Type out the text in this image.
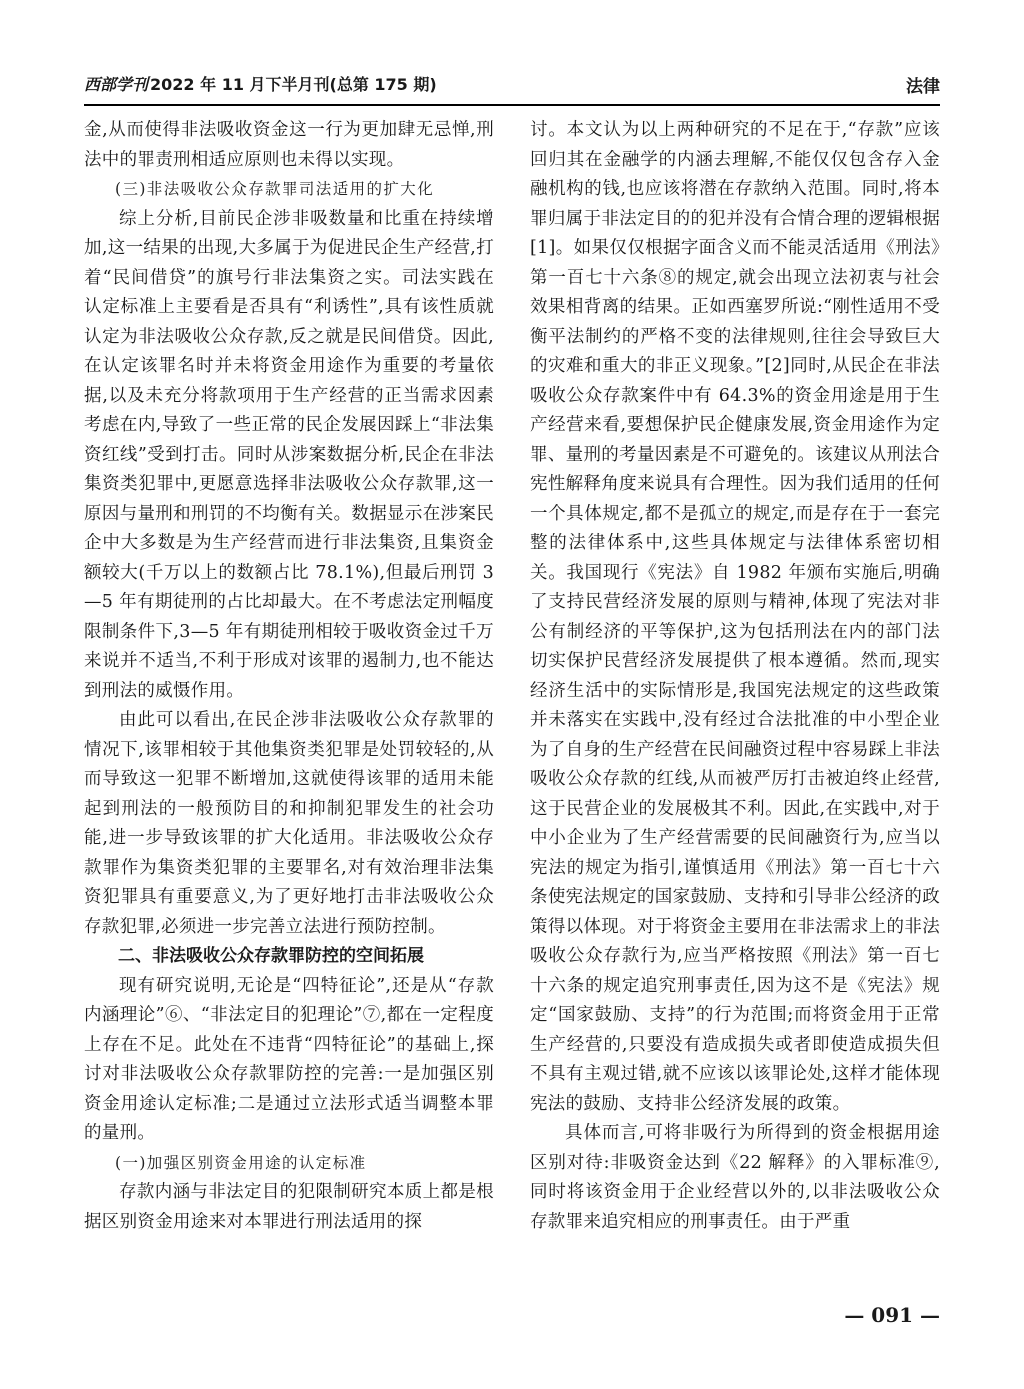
西部学刊 2022 年 11 月下半月刊(总第 175 期)	法律

金,从而使得非法吸收资金这一行为更加肆无忌惮,刑法中的罪责刑相适应原则也未得以实现。

(三)非法吸收公众存款罪司法适用的扩大化

综上分析,目前民企涉非吸数量和比重在持续增加,这一结果的出现,大多属于为促进民企生产经营,打着“民间借贷”的旗号行非法集资之实。司法实践在认定标准上主要看是否具有“利诱性”,具有该性质就认定为非法吸收公众存款,反之就是民间借贷。因此,在认定该罪名时并未将资金用途作为重要的考量依据,以及未充分将款项用于生产经营的正当需求因素考虑在内,导致了一些正常的民企发展因踩上“非法集资红线”受到打击。同时从涉案数据分析,民企在非法集资类犯罪中,更愿意选择非法吸收公众存款罪,这一原因与量刑和刑罚的不均衡有关。数据显示在涉案民企中大多数是为生产经营而进行非法集资,且集资金额较大(千万以上的数额占比 78.1%),但最后刑罚 3—5 年有期徒刑的占比却最大。在不考虑法定刑幅度限制条件下,3—5 年有期徒刑相较于吸收资金过千万来说并不适当,不利于形成对该罪的遏制力,也不能达到刑法的威慑作用。

由此可以看出,在民企涉非法吸收公众存款罪的情况下,该罪相较于其他集资类犯罪是处罚较轻的,从而导致这一犯罪不断增加,这就使得该罪的适用未能起到刑法的一般预防目的和抑制犯罪发生的社会功能,进一步导致该罪的扩大化适用。非法吸收公众存款罪作为集资类犯罪的主要罪名,对有效治理非法集资犯罪具有重要意义,为了更好地打击非法吸收公众存款犯罪,必须进一步完善立法进行预防控制。

二、非法吸收公众存款罪防控的空间拓展

现有研究说明,无论是“四特征论”,还是从“存款内涵理论”⑥、“非法定目的犯理论”⑦,都在一定程度上存在不足。此处在不违背“四特征论”的基础上,探讨对非法吸收公众存款罪防控的完善:一是加强区别资金用途认定标准;二是通过立法形式适当调整本罪的量刑。

(一)加强区别资金用途的认定标准

存款内涵与非法定目的犯限制研究本质上都是根据区别资金用途来对本罪进行刑法适用的探

讨。本文认为以上两种研究的不足在于,“存款”应该回归其在金融学的内涵去理解,不能仅仅包含存入金融机构的钱,也应该将潜在存款纳入范围。同时,将本罪归属于非法定目的的犯并没有合情合理的逻辑根据[1]。如果仅仅根据字面含义而不能灵活适用《刑法》第一百七十六条⑧的规定,就会出现立法初衷与社会效果相背离的结果。正如西塞罗所说:“刚性适用不受衡平法制约的严格不变的法律规则,往往会导致巨大的灾难和重大的非正义现象。”[2]同时,从民企在非法吸收公众存款案件中有 64.3%的资金用途是用于生产经营来看,要想保护民企健康发展,资金用途作为定罪、量刑的考量因素是不可避免的。该建议从刑法合宪性解释角度来说具有合理性。因为我们适用的任何一个具体规定,都不是孤立的规定,而是存在于一套完整的法律体系中,这些具体规定与法律体系密切相关。我国现行《宪法》自 1982 年颁布实施后,明确了支持民营经济发展的原则与精神,体现了宪法对非公有制经济的平等保护,这为包括刑法在内的部门法切实保护民营经济发展提供了根本遵循。然而,现实经济生活中的实际情形是,我国宪法规定的这些政策并未落实在实践中,没有经过合法批准的中小型企业为了自身的生产经营在民间融资过程中容易踩上非法吸收公众存款的红线,从而被严厉打击被迫终止经营,这于民营企业的发展极其不利。因此,在实践中,对于中小企业为了生产经营需要的民间融资行为,应当以宪法的规定为指引,谨慎适用《刑法》第一百七十六条使宪法规定的国家鼓励、支持和引导非公经济的政策得以体现。对于将资金主要用在非法需求上的非法吸收公众存款行为,应当严格按照《刑法》第一百七十六条的规定追究刑事责任,因为这不是《宪法》规定“国家鼓励、支持”的行为范围;而将资金用于正常生产经营的,只要没有造成损失或者即使造成损失但不具有主观过错,就不应该以该罪论处,这样才能体现宪法的鼓励、支持非公经济发展的政策。

具体而言,可将非吸行为所得到的资金根据用途区别对待:非吸资金达到《22 解释》的入罪标准⑨,同时将该资金用于企业经营以外的,以非法吸收公众存款罪来追究相应的刑事责任。由于严重

— 091 —
